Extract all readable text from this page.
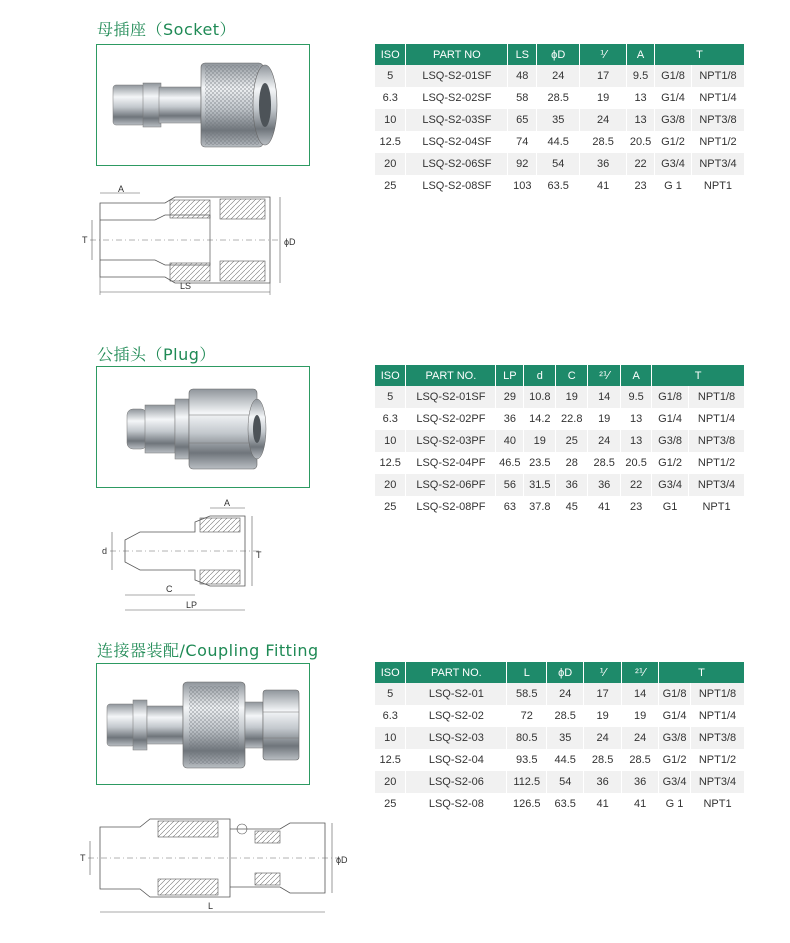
母插座（Socket）
A
T	ϕD
LS
ISO	PART NO	LS	ϕD	⅟	A	T	
5	LSQ-S2-01SF	48	24	17	9.5	G1/8	NPT1/8
6.3	LSQ-S2-02SF	58	28.5	19	13	G1/4	NPT1/4
10	LSQ-S2-03SF	65	35	24	13	G3/8	NPT3/8
12.5	LSQ-S2-04SF	74	44.5	28.5	20.5	G1/2	NPT1/2
20	LSQ-S2-06SF	92	54	36	22	G3/4	NPT3/4
25	LSQ-S2-08SF	103	63.5	41	23	G 1	NPT1
公插头（Plug）
A
d	T
C
LP
ISO	PART NO.	LP	d	C	²⅟	A	T	
5	LSQ-S2-01SF	29	10.8	19	14	9.5	G1/8	NPT1/8
6.3	LSQ-S2-02PF	36	14.2	22.8	19	13	G1/4	NPT1/4
10	LSQ-S2-03PF	40	19	25	24	13	G3/8	NPT3/8
12.5	LSQ-S2-04PF	46.5	23.5	28	28.5	20.5	G1/2	NPT1/2
20	LSQ-S2-06PF	56	31.5	36	36	22	G3/4	NPT3/4
25	LSQ-S2-08PF	63	37.8	45	41	23	G1	NPT1
连接器装配/Coupling Fitting
T	ϕD
L
ISO	PART NO.	L	ϕD	⅟	²⅟	T	
5	LSQ-S2-01	58.5	24	17	14	G1/8	NPT1/8
6.3	LSQ-S2-02	72	28.5	19	19	G1/4	NPT1/4
10	LSQ-S2-03	80.5	35	24	24	G3/8	NPT3/8
12.5	LSQ-S2-04	93.5	44.5	28.5	28.5	G1/2	NPT1/2
20	LSQ-S2-06	112.5	54	36	36	G3/4	NPT3/4
25	LSQ-S2-08	126.5	63.5	41	41	G 1	NPT1
